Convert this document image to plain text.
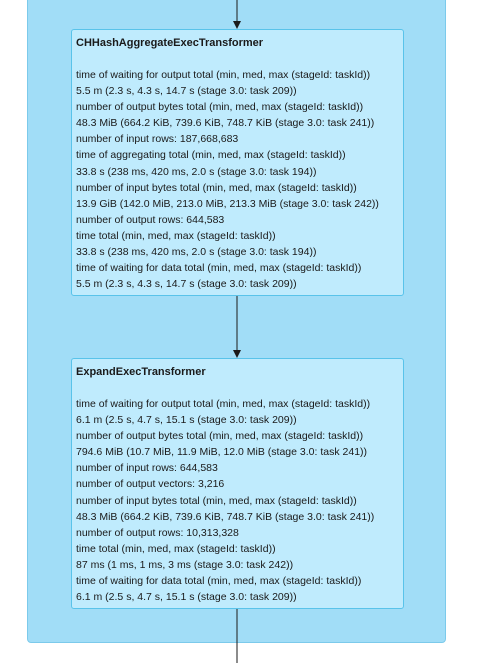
CHHashAggregateExecTransformer
time of waiting for output total (min, med, max (stageId: taskId))
5.5 m (2.3 s, 4.3 s, 14.7 s (stage 3.0: task 209))
number of output bytes total (min, med, max (stageId: taskId))
48.3 MiB (664.2 KiB, 739.6 KiB, 748.7 KiB (stage 3.0: task 241))
number of input rows: 187,668,683
time of aggregating total (min, med, max (stageId: taskId))
33.8 s (238 ms, 420 ms, 2.0 s (stage 3.0: task 194))
number of input bytes total (min, med, max (stageId: taskId))
13.9 GiB (142.0 MiB, 213.0 MiB, 213.3 MiB (stage 3.0: task 242))
number of output rows: 644,583
time total (min, med, max (stageId: taskId))
33.8 s (238 ms, 420 ms, 2.0 s (stage 3.0: task 194))
time of waiting for data total (min, med, max (stageId: taskId))
5.5 m (2.3 s, 4.3 s, 14.7 s (stage 3.0: task 209))
ExpandExecTransformer
time of waiting for output total (min, med, max (stageId: taskId))
6.1 m (2.5 s, 4.7 s, 15.1 s (stage 3.0: task 209))
number of output bytes total (min, med, max (stageId: taskId))
794.6 MiB (10.7 MiB, 11.9 MiB, 12.0 MiB (stage 3.0: task 241))
number of input rows: 644,583
number of output vectors: 3,216
number of input bytes total (min, med, max (stageId: taskId))
48.3 MiB (664.2 KiB, 739.6 KiB, 748.7 KiB (stage 3.0: task 241))
number of output rows: 10,313,328
time total (min, med, max (stageId: taskId))
87 ms (1 ms, 1 ms, 3 ms (stage 3.0: task 242))
time of waiting for data total (min, med, max (stageId: taskId))
6.1 m (2.5 s, 4.7 s, 15.1 s (stage 3.0: task 209))
